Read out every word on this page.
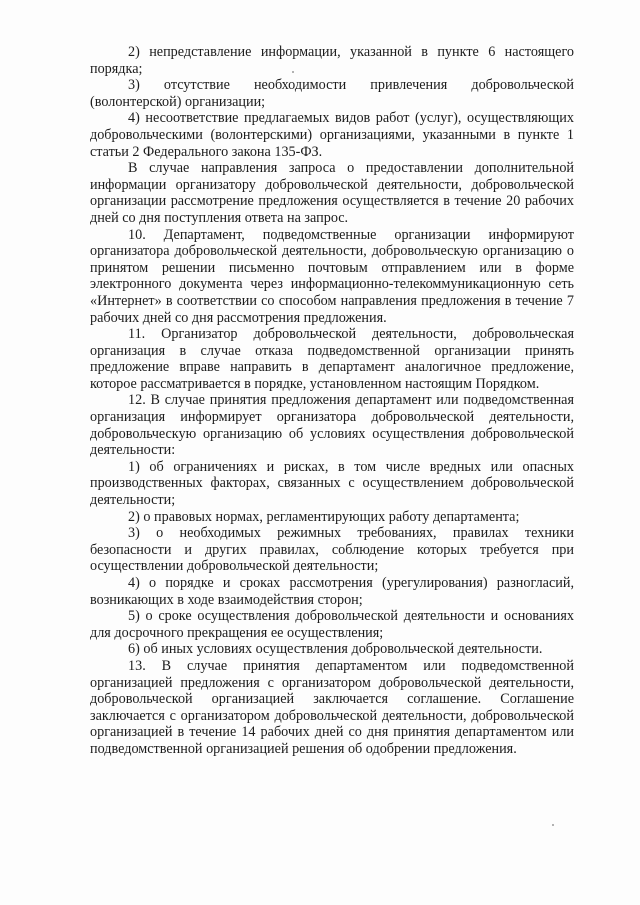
2) непредставление информации, указанной в пункте 6 настоящего порядка;

3) отсутствие необходимости привлечения добровольческой (волонтерской) организации;

4) несоответствие предлагаемых видов работ (услуг), осуществляющих добровольческими (волонтерскими) организациями, указанными в пункте 1 статьи 2 Федерального закона 135-ФЗ.

В случае направления запроса о предоставлении дополнительной информации организатору добровольческой деятельности, добровольческой организации рассмотрение предложения осуществляется в течение 20 рабочих дней со дня поступления ответа на запрос.

10. Департамент, подведомственные организации информируют организатора добровольческой деятельности, добровольческую организацию о принятом решении письменно почтовым отправлением или в форме электронного документа через информационно-телекоммуникационную сеть «Интернет» в соответствии со способом направления предложения в течение 7 рабочих дней со дня рассмотрения предложения.

11. Организатор добровольческой деятельности, добровольческая организация в случае отказа подведомственной организации принять предложение вправе направить в департамент аналогичное предложение, которое рассматривается в порядке, установленном настоящим Порядком.

12. В случае принятия предложения департамент или подведомственная организация информирует организатора добровольческой деятельности, добровольческую организацию об условиях осуществления добровольческой деятельности:

1) об ограничениях и рисках, в том числе вредных или опасных производственных факторах, связанных с осуществлением добровольческой деятельности;

2) о правовых нормах, регламентирующих работу департамента;

3) о необходимых режимных требованиях, правилах техники безопасности и других правилах, соблюдение которых требуется при осуществлении добровольческой деятельности;

4) о порядке и сроках рассмотрения (урегулирования) разногласий, возникающих в ходе взаимодействия сторон;

5) о сроке осуществления добровольческой деятельности и основаниях для досрочного прекращения ее осуществления;

6) об иных условиях осуществления добровольческой деятельности.

13. В случае принятия департаментом или подведомственной организацией предложения с организатором добровольческой деятельности, добровольческой организацией заключается соглашение. Соглашение заключается с организатором добровольческой деятельности, добровольческой организацией в течение 14 рабочих дней со дня принятия департаментом или подведомственной организацией решения об одобрении предложения.
